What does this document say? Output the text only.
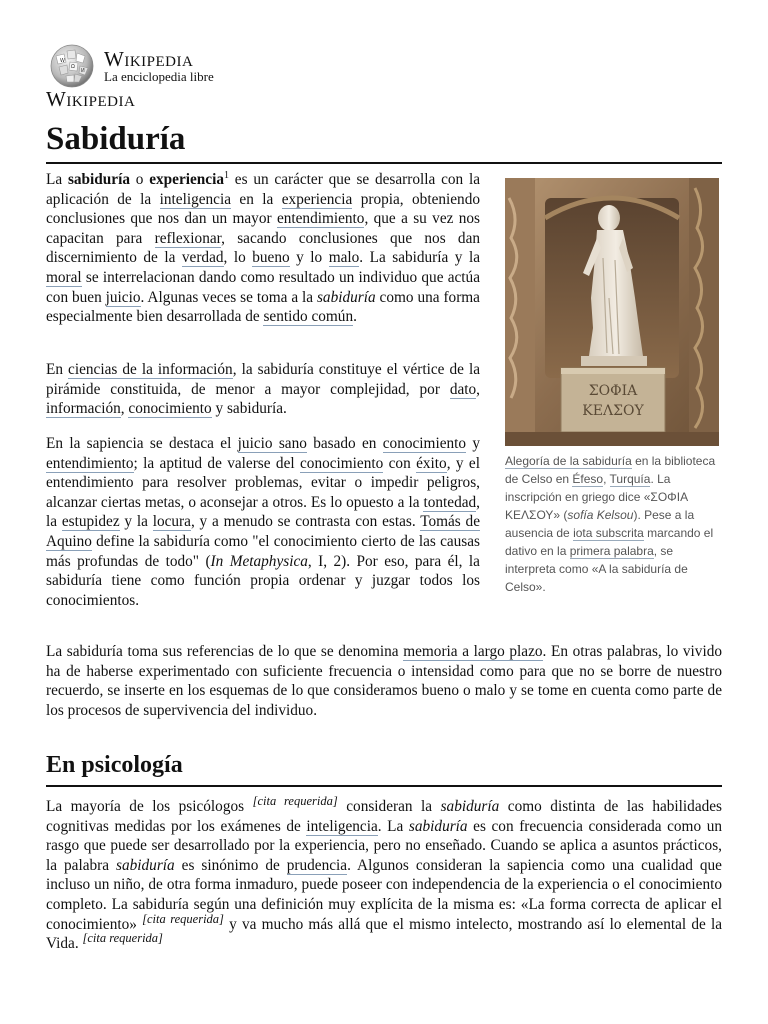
W
Ω
И Wikipedia
La enciclopedia libre
Wikipedia
Sabiduría

La sabiduría o experiencia$^1$ es un carácter que se desarrolla con la aplicación de la inteligencia en la experiencia propia, obteniendo conclusiones que nos dan un mayor entendimiento, que a su vez nos capacitan para reflexionar, sacando conclusiones que nos dan discernimiento de la verdad, lo bueno y lo malo. La sabiduría y la moral se interrelacionan dando como resultado un individuo que actúa con buen juicio. Algunas veces se toma a la sabiduría como una forma especialmente bien desarrollada de sentido común.

En ciencias de la información, la sabiduría constituye el vértice de la pirámide constituida, de menor a mayor complejidad, por dato, información, conocimiento y sabiduría.

En la sapiencia se destaca el juicio sano basado en conocimiento y entendimiento; la aptitud de valerse del conocimiento con éxito, y el entendimiento para resolver problemas, evitar o impedir peligros, alcanzar ciertas metas, o aconsejar a otros. Es lo opuesto a la tontedad, la estupidez y la locura, y a menudo se contrasta con estas. Tomás de Aquino define la sabiduría como "el conocimiento cierto de las causas más profundas de todo" (In Metaphysica, I, 2). Por eso, para él, la sabiduría tiene como función propia ordenar y juzgar todos los conocimientos.

ΣΟΦΙΑ
ΚΕΛΣΟΥ

Alegoría de la sabiduría en la biblioteca de Celso en Éfeso, Turquía. La inscripción en griego dice «ΣΟΦΙΑ ΚΕΛΣΟΥ» (sofía Kelsou). Pese a la ausencia de iota subscrita marcando el dativo en la primera palabra, se interpreta como «A la sabiduría de Celso».

La sabiduría toma sus referencias de lo que se denomina memoria a largo plazo. En otras palabras, lo vivido ha de haberse experimentado con suficiente frecuencia o intensidad como para que no se borre de nuestro recuerdo, se inserte en los esquemas de lo que consideramos bueno o malo y se tome en cuenta como parte de los procesos de supervivencia del individuo.

En psicología

La mayoría de los psicólogos [cita requerida] consideran la sabiduría como distinta de las habilidades cognitivas medidas por los exámenes de inteligencia. La sabiduría es con frecuencia considerada como un rasgo que puede ser desarrollado por la experiencia, pero no enseñado. Cuando se aplica a asuntos prácticos, la palabra sabiduría es sinónimo de prudencia. Algunos consideran la sapiencia como una cualidad que incluso un niño, de otra forma inmaduro, puede poseer con independencia de la experiencia o el conocimiento completo. La sabiduría según una definición muy explícita de la misma es: «La forma correcta de aplicar el conocimiento» [cita requerida] y va mucho más allá que el mismo intelecto, mostrando así lo elemental de la Vida. [cita requerida]
